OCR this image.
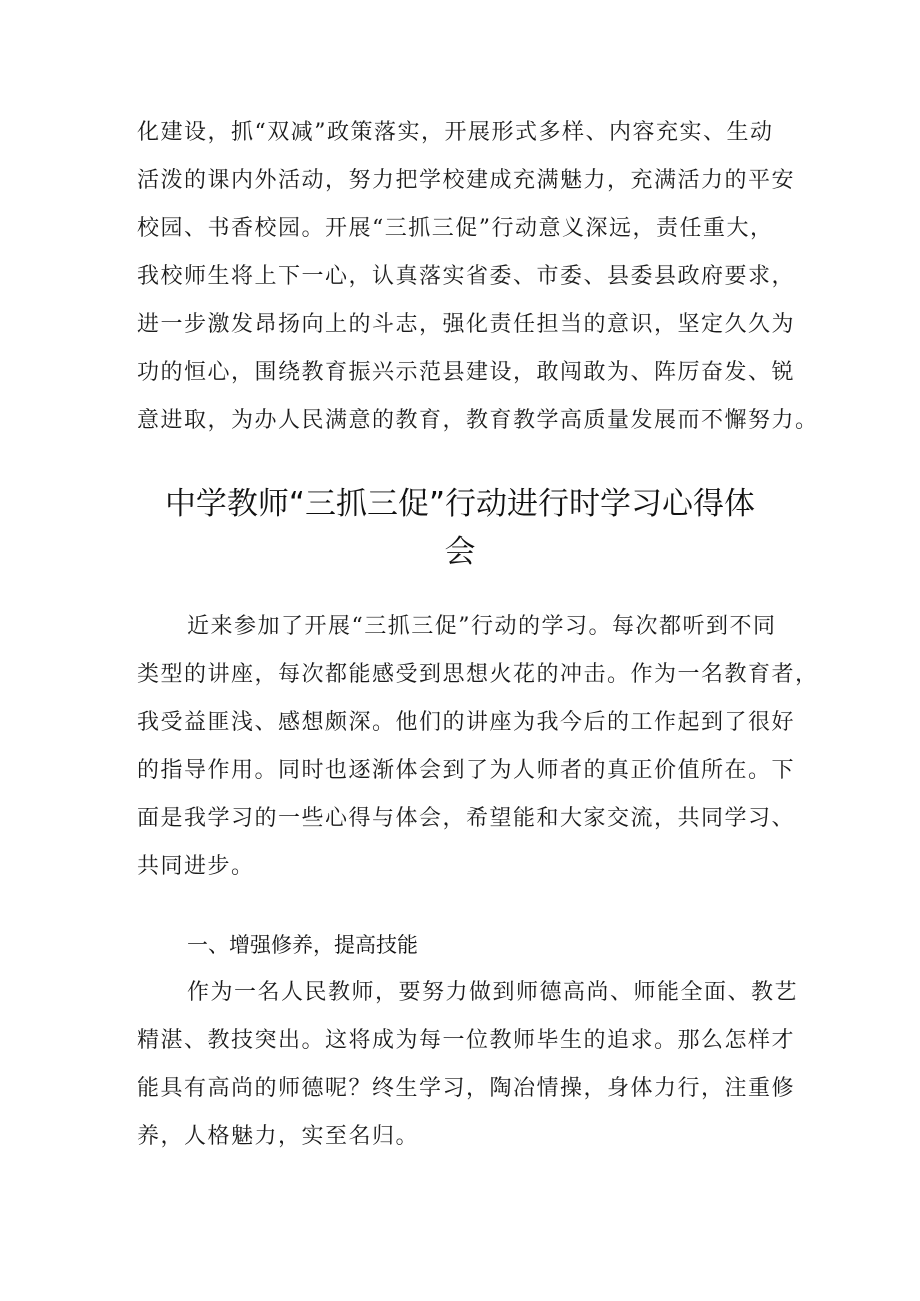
化建设，抓“双减”政策落实，开展形式多样、内容充实、生动
活泼的课内外活动，努力把学校建成充满魅力，充满活力的平安
校园、书香校园。开展“三抓三促”行动意义深远，责任重大，
我校师生将上下一心，认真落实省委、市委、县委县政府要求，
进一步激发昂扬向上的斗志，强化责任担当的意识，坚定久久为
功的恒心，围绕教育振兴示范县建设，敢闯敢为、阵厉奋发、锐
意进取，为办人民满意的教育，教育教学高质量发展而不懈努力。
中学教师“三抓三促”行动进行时学习心得体
会
近来参加了开展“三抓三促”行动的学习。每次都听到不同
类型的讲座，每次都能感受到思想火花的冲击。作为一名教育者，
我受益匪浅、感想颇深。他们的讲座为我今后的工作起到了很好
的指导作用。同时也逐渐体会到了为人师者的真正价值所在。下
面是我学习的一些心得与体会，希望能和大家交流，共同学习、
共同进步。
一、增强修养，提高技能
作为一名人民教师，要努力做到师德高尚、师能全面、教艺
精湛、教技突出。这将成为每一位教师毕生的追求。那么怎样才
能具有高尚的师德呢？终生学习，陶冶情操，身体力行，注重修
养，人格魅力，实至名归。
